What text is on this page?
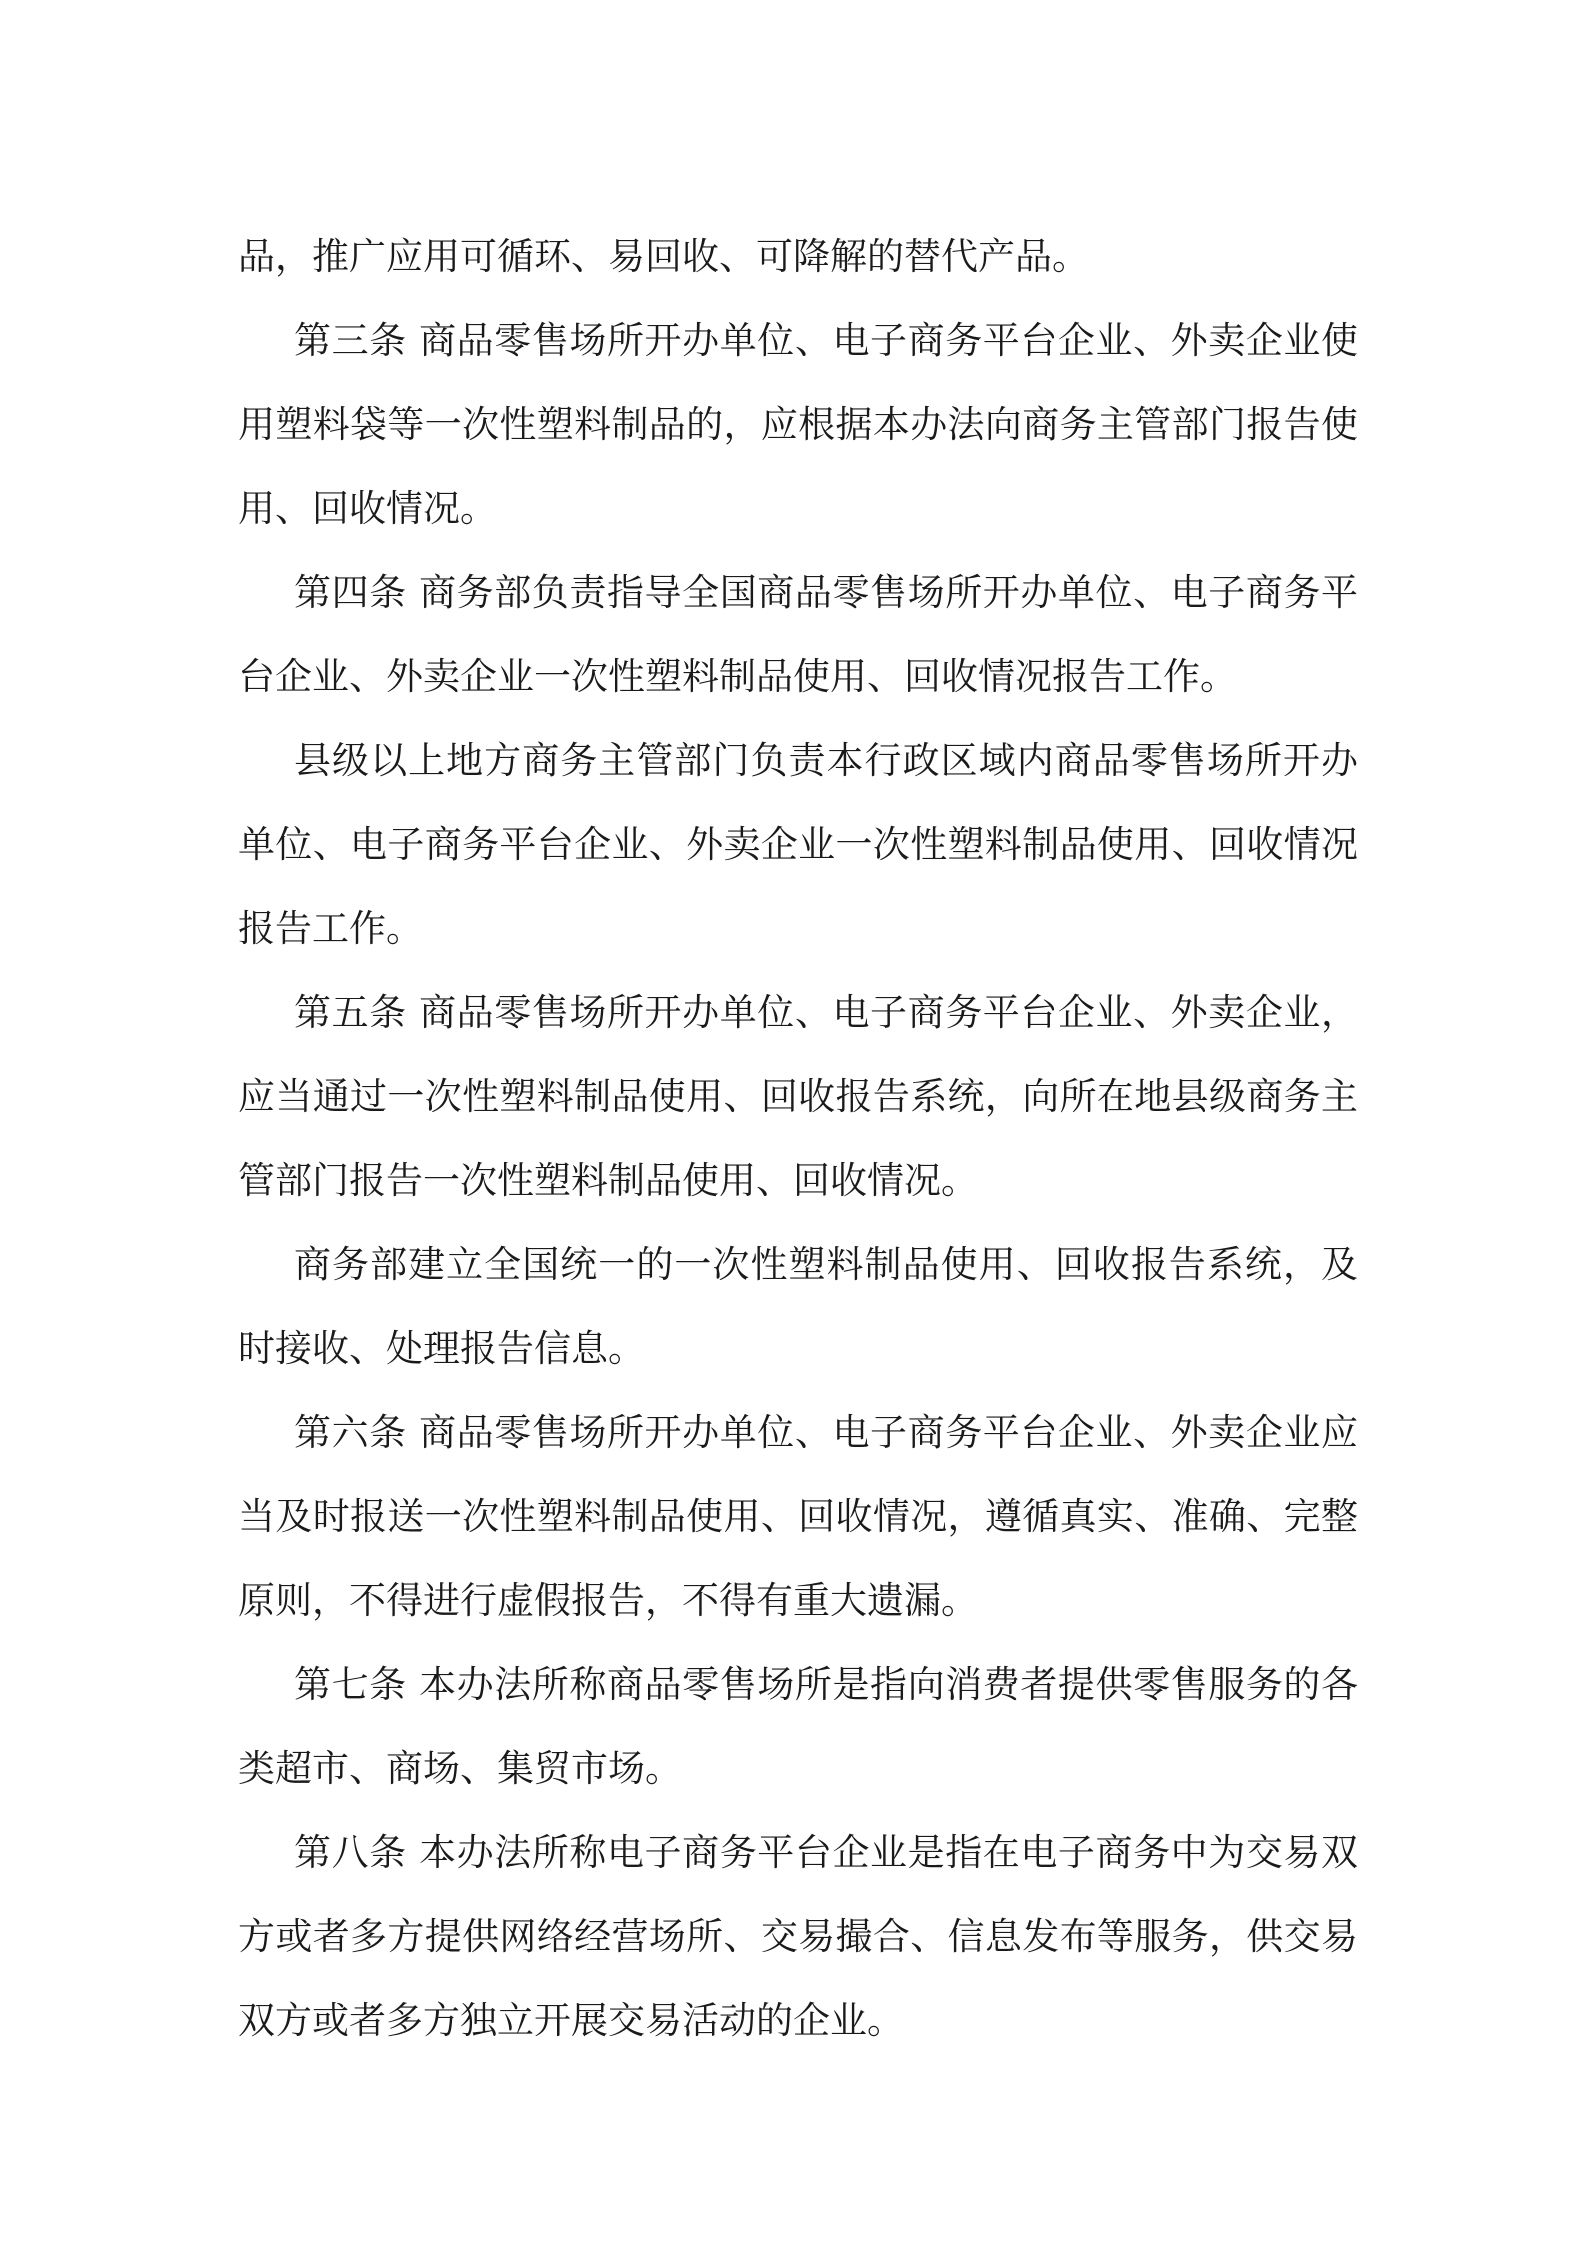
品，推广应用可循环、易回收、可降解的替代产品。

第三条 商品零售场所开办单位、电子商务平台企业、外卖企业使用塑料袋等一次性塑料制品的，应根据本办法向商务主管部门报告使用、回收情况。

第四条 商务部负责指导全国商品零售场所开办单位、电子商务平台企业、外卖企业一次性塑料制品使用、回收情况报告工作。

县级以上地方商务主管部门负责本行政区域内商品零售场所开办单位、电子商务平台企业、外卖企业一次性塑料制品使用、回收情况报告工作。

第五条 商品零售场所开办单位、电子商务平台企业、外卖企业，应当通过一次性塑料制品使用、回收报告系统，向所在地县级商务主管部门报告一次性塑料制品使用、回收情况。

商务部建立全国统一的一次性塑料制品使用、回收报告系统，及时接收、处理报告信息。

第六条 商品零售场所开办单位、电子商务平台企业、外卖企业应当及时报送一次性塑料制品使用、回收情况，遵循真实、准确、完整原则，不得进行虚假报告，不得有重大遗漏。

第七条 本办法所称商品零售场所是指向消费者提供零售服务的各类超市、商场、集贸市场。

第八条 本办法所称电子商务平台企业是指在电子商务中为交易双方或者多方提供网络经营场所、交易撮合、信息发布等服务，供交易双方或者多方独立开展交易活动的企业。
